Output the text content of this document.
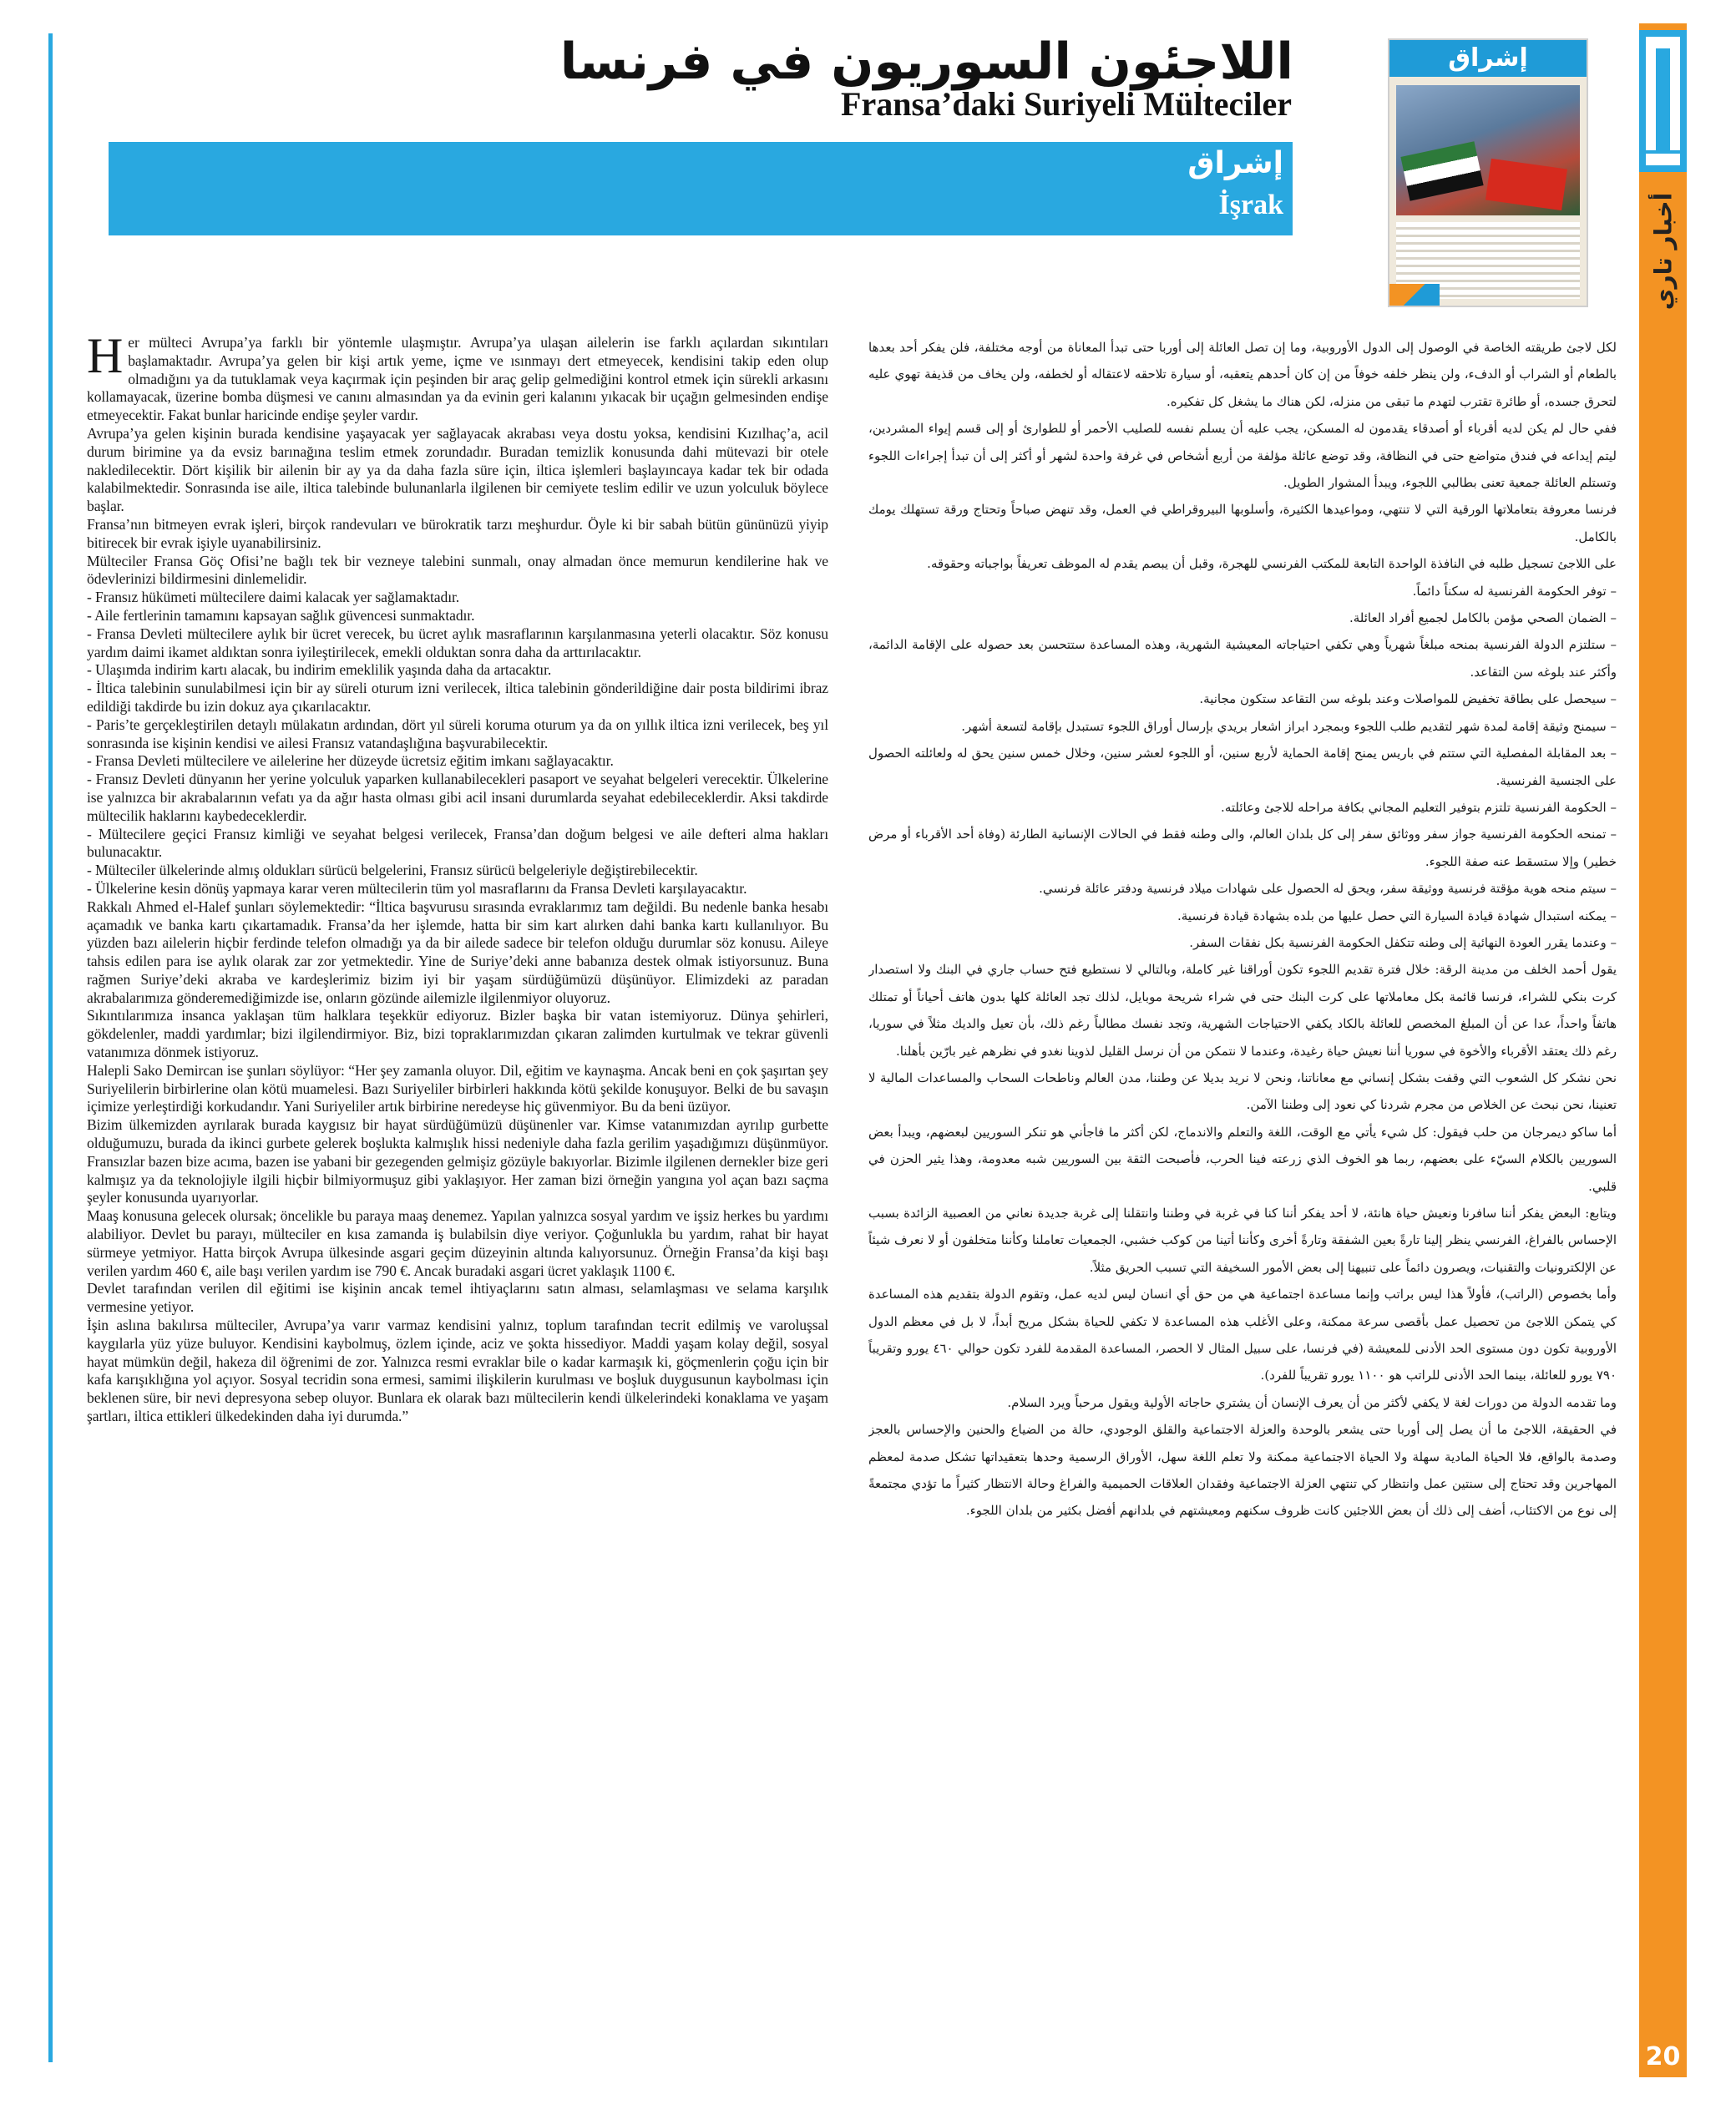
إشراق
اللاجئون السوريون في فرنسا
Fransa’daki Suriyeli Mülteciler
إشراق
İşrak	أخبار تاري
20

Her mülteci Avrupa’ya farklı bir yöntemle ulaşmıştır. Avrupa’ya ulaşan ailelerin ise farklı açılardan sıkıntıları başlamaktadır. Avrupa’ya gelen bir kişi artık yeme, içme ve ısınmayı dert etmeyecek, kendisini takip eden olup olmadığını ya da tutuklamak veya kaçırmak için peşinden bir araç gelip gelmediğini kontrol etmek için sürekli arkasını kollamayacak, üzerine bomba düşmesi ve canını almasından ya da evinin geri kalanını yıkacak bir uçağın gelmesinden endişe etmeyecektir. Fakat bunlar haricinde endişe şeyler vardır.

Avrupa’ya gelen kişinin burada kendisine yaşayacak yer sağlayacak akrabası veya dostu yoksa, kendisini Kızılhaç’a, acil durum birimine ya da evsiz barınağına teslim etmek zorundadır. Buradan temizlik konusunda dahi mütevazi bir otele nakledilecektir. Dört kişilik bir ailenin bir ay ya da daha fazla süre için, iltica işlemleri başlayıncaya kadar tek bir odada kalabilmektedir. Sonrasında ise aile, iltica talebinde bulunanlarla ilgilenen bir cemiyete teslim edilir ve uzun yolculuk böylece başlar.

Fransa’nın bitmeyen evrak işleri, birçok randevuları ve bürokratik tarzı meşhurdur. Öyle ki bir sabah bütün gününüzü yiyip bitirecek bir evrak işiyle uyanabilirsiniz.

Mülteciler Fransa Göç Ofisi’ne bağlı tek bir vezneye talebini sunmalı, onay almadan önce memurun kendilerine hak ve ödevlerinizi bildirmesini dinlemelidir.

- Fransız hükümeti mültecilere daimi kalacak yer sağlamaktadır.

- Aile fertlerinin tamamını kapsayan sağlık güvencesi sunmaktadır.

- Fransa Devleti mültecilere aylık bir ücret verecek, bu ücret aylık masraflarının karşılanmasına yeterli olacaktır. Söz konusu yardım daimi ikamet aldıktan sonra iyileştirilecek, emekli olduktan sonra daha da arttırılacaktır.

- Ulaşımda indirim kartı alacak, bu indirim emeklilik yaşında daha da artacaktır.

- İltica talebinin sunulabilmesi için bir ay süreli oturum izni verilecek, iltica talebinin gönderildiğine dair posta bildirimi ibraz edildiği takdirde bu izin dokuz aya çıkarılacaktır.

- Paris’te gerçekleştirilen detaylı mülakatın ardından, dört yıl süreli koruma oturum ya da on yıllık iltica izni verilecek, beş yıl sonrasında ise kişinin kendisi ve ailesi Fransız vatandaşlığına başvurabilecektir.

- Fransa Devleti mültecilere ve ailelerine her düzeyde ücretsiz eğitim imkanı sağlayacaktır.

- Fransız Devleti dünyanın her yerine yolculuk yaparken kullanabilecekleri pasaport ve seyahat belgeleri verecektir. Ülkelerine ise yalnızca bir akrabalarının vefatı ya da ağır hasta olması gibi acil insani durumlarda seyahat edebileceklerdir. Aksi takdirde mültecilik haklarını kaybedeceklerdir.

- Mültecilere geçici Fransız kimliği ve seyahat belgesi verilecek, Fransa’dan doğum belgesi ve aile defteri alma hakları bulunacaktır.

- Mülteciler ülkelerinde almış oldukları sürücü belgelerini, Fransız sürücü belgeleriyle değiştirebilecektir.

- Ülkelerine kesin dönüş yapmaya karar veren mültecilerin tüm yol masraflarını da Fransa Devleti karşılayacaktır.

Rakkalı Ahmed el-Halef şunları söylemektedir: “İltica başvurusu sırasında evraklarımız tam değildi. Bu nedenle banka hesabı açamadık ve banka kartı çıkartamadık. Fransa’da her işlemde, hatta bir sim kart alırken dahi banka kartı kullanılıyor. Bu yüzden bazı ailelerin hiçbir ferdinde telefon olmadığı ya da bir ailede sadece bir telefon olduğu durumlar söz konusu. Aileye tahsis edilen para ise aylık olarak zar zor yetmektedir. Yine de Suriye’deki anne babanıza destek olmak istiyorsunuz. Buna rağmen Suriye’deki akraba ve kardeşlerimiz bizim iyi bir yaşam sürdüğümüzü düşünüyor. Elimizdeki az paradan akrabalarımıza gönderemediğimizde ise, onların gözünde ailemizle ilgilenmiyor oluyoruz.

Sıkıntılarımıza insanca yaklaşan tüm halklara teşekkür ediyoruz. Bizler başka bir vatan istemiyoruz. Dünya şehirleri, gökdelenler, maddi yardımlar; bizi ilgilendirmiyor. Biz, bizi topraklarımızdan çıkaran zalimden kurtulmak ve tekrar güvenli vatanımıza dönmek istiyoruz.

Halepli Sako Demircan ise şunları söylüyor: “Her şey zamanla oluyor. Dil, eğitim ve kaynaşma. Ancak beni en çok şaşırtan şey Suriyelilerin birbirlerine olan kötü muamelesi. Bazı Suriyeliler birbirleri hakkında kötü şekilde konuşuyor. Belki de bu savaşın içimize yerleştirdiği korkudandır. Yani Suriyeliler artık birbirine neredeyse hiç güvenmiyor. Bu da beni üzüyor.

Bizim ülkemizden ayrılarak burada kaygısız bir hayat sürdüğümüzü düşünenler var. Kimse vatanımızdan ayrılıp gurbette olduğumuzu, burada da ikinci gurbete gelerek boşlukta kalmışlık hissi nedeniyle daha fazla gerilim yaşadığımızı düşünmüyor. Fransızlar bazen bize acıma, bazen ise yabani bir gezegenden gelmişiz gözüyle bakıyorlar. Bizimle ilgilenen dernekler bize geri kalmışız ya da teknolojiyle ilgili hiçbir bilmiyormuşuz gibi yaklaşıyor. Her zaman bizi örneğin yangına yol açan bazı saçma şeyler konusunda uyarıyorlar.

Maaş konusuna gelecek olursak; öncelikle bu paraya maaş denemez. Yapılan yalnızca sosyal yardım ve işsiz herkes bu yardımı alabiliyor. Devlet bu parayı, mülteciler en kısa zamanda iş bulabilsin diye veriyor. Çoğunlukla bu yardım, rahat bir hayat sürmeye yetmiyor. Hatta birçok Avrupa ülkesinde asgari geçim düzeyinin altında kalıyorsunuz. Örneğin Fransa’da kişi başı verilen yardım 460 €, aile başı verilen yardım ise 790 €. Ancak buradaki asgari ücret yaklaşık 1100 €.

Devlet tarafından verilen dil eğitimi ise kişinin ancak temel ihtiyaçlarını satın alması, selamlaşması ve selama karşılık vermesine yetiyor.

İşin aslına bakılırsa mülteciler, Avrupa’ya varır varmaz kendisini yalnız, toplum tarafından tecrit edilmiş ve varoluşsal kaygılarla yüz yüze buluyor. Kendisini kaybolmuş, özlem içinde, aciz ve şokta hissediyor. Maddi yaşam kolay değil, sosyal hayat mümkün değil, hakeza dil öğrenimi de zor. Yalnızca resmi evraklar bile o kadar karmaşık ki, göçmenlerin çoğu için bir kafa karışıklığına yol açıyor. Sosyal tecridin sona ermesi, samimi ilişkilerin kurulması ve boşluk duygusunun kaybolması için beklenen süre, bir nevi depresyona sebep oluyor. Bunlara ek olarak bazı mültecilerin kendi ülkelerindeki konaklama ve yaşam şartları, iltica ettikleri ülkedekinden daha iyi durumda.”

لكل لاجئ طريقته الخاصة في الوصول إلى الدول الأوروبية، وما إن تصل العائلة إلى أوربا حتى تبدأ المعاناة من أوجه مختلفة، فلن يفكر أحد بعدها بالطعام أو الشراب أو الدفء، ولن ينظر خلفه خوفاً من إن كان أحدهم يتعقبه، أو سيارة تلاحقه لاعتقاله أو لخطفه، ولن يخاف من قذيفة تهوي عليه لتحرق جسده، أو طائرة تقترب لتهدم ما تبقى من منزله، لكن هناك ما يشغل كل تفكيره.

ففي حال لم يكن لديه أقرباء أو أصدقاء يقدمون له المسكن، يجب عليه أن يسلم نفسه للصليب الأحمر أو للطوارئ أو إلى قسم إيواء المشردين، ليتم إيداعه في فندق متواضع حتى في النظافة، وقد توضع عائلة مؤلفة من أربع أشخاص في غرفة واحدة لشهر أو أكثر إلى أن تبدأ إجراءات اللجوء وتستلم العائلة جمعية تعنى بطالبي اللجوء، ويبدأ المشوار الطويل.

فرنسا معروفة بتعاملاتها الورقية التي لا تنتهي، ومواعيدها الكثيرة، وأسلوبها البيروقراطي في العمل، وقد تنهض صباحاً وتحتاج ورقة تستهلك يومك بالكامل.

على اللاجئ تسجيل طلبه في النافذة الواحدة التابعة للمكتب الفرنسي للهجرة، وقبل أن يبصم يقدم له الموظف تعريفاً بواجباته وحقوقه.

– توفر الحكومة الفرنسية له سكناً دائماً.

– الضمان الصحي مؤمن بالكامل لجميع أفراد العائلة.

– ستلتزم الدولة الفرنسية بمنحه مبلغاً شهرياً وهي تكفي احتياجاته المعيشية الشهرية، وهذه المساعدة ستتحسن بعد حصوله على الإقامة الدائمة، وأكثر عند بلوغه سن التقاعد.

– سيحصل على بطاقة تخفيض للمواصلات وعند بلوغه سن التقاعد ستكون مجانية.

– سيمنح وثيقة إقامة لمدة شهر لتقديم طلب اللجوء وبمجرد ابراز اشعار بريدي بإرسال أوراق اللجوء تستبدل بإقامة لتسعة أشهر.

– بعد المقابلة المفصلية التي ستتم في باريس يمنح إقامة الحماية لأربع سنين، أو اللجوء لعشر سنين، وخلال خمس سنين يحق له ولعائلته الحصول على الجنسية الفرنسية.

– الحكومة الفرنسية تلتزم بتوفير التعليم المجاني بكافة مراحله للاجئ وعائلته.

– تمنحه الحكومة الفرنسية جواز سفر ووثائق سفر إلى كل بلدان العالم، والى وطنه فقط في الحالات الإنسانية الطارئة (وفاة أحد الأقرباء أو مرض خطير) وإلا ستسقط عنه صفة اللجوء.

– سيتم منحه هوية مؤقتة فرنسية ووثيقة سفر، ويحق له الحصول على شهادات ميلاد فرنسية ودفتر عائلة فرنسي.

– يمكنه استبدال شهادة قيادة السيارة التي حصل عليها من بلده بشهادة قيادة فرنسية.

– وعندما يقرر العودة النهائية إلى وطنه تتكفل الحكومة الفرنسية بكل نفقات السفر.

يقول أحمد الخلف من مدينة الرقة: خلال فترة تقديم اللجوء تكون أوراقنا غير كاملة، وبالتالي لا نستطيع فتح حساب جاري في البنك ولا استصدار كرت بنكي للشراء، فرنسا قائمة بكل معاملاتها على كرت البنك حتى في شراء شريحة موبايل، لذلك تجد العائلة كلها بدون هاتف أحياناً أو تمتلك هاتفاً واحداً، عدا عن أن المبلغ المخصص للعائلة بالكاد يكفي الاحتياجات الشهرية، وتجد نفسك مطالباً رغم ذلك، بأن تعيل والديك مثلاً في سوريا، رغم ذلك يعتقد الأقرباء والأخوة في سوريا أننا نعيش حياة رغيدة، وعندما لا نتمكن من أن نرسل القليل لذوينا نغدو في نظرهم غير بارّين بأهلنا.

نحن نشكر كل الشعوب التي وقفت بشكل إنساني مع معاناتنا، ونحن لا نريد بديلا عن وطننا، مدن العالم وناطحات السحاب والمساعدات المالية لا تعنينا، نحن نبحث عن الخلاص من مجرم شردنا كي نعود إلى وطننا الآمن.

أما ساكو ديمرجان من حلب فيقول: كل شيء يأتي مع الوقت، اللغة والتعلم والاندماج، لكن أكثر ما فاجأني هو تنكر السوريين لبعضهم، ويبدأ بعض السوريين بالكلام السيّء على بعضهم، ربما هو الخوف الذي زرعته فينا الحرب، فأصبحت الثقة بين السوريين شبه معدومة، وهذا يثير الحزن في قلبي.

ويتابع: البعض يفكر أننا سافرنا ونعيش حياة هانئة، لا أحد يفكر أننا كنا في غربة في وطننا وانتقلنا إلى غربة جديدة نعاني من العصبية الزائدة بسبب الإحساس بالفراغ، الفرنسي ينظر إلينا تارةً بعين الشفقة وتارةً أخرى وكأننا أتينا من كوكب خشبي، الجمعيات تعاملنا وكأننا متخلفون أو لا نعرف شيئاً عن الإلكترونيات والتقنيات، ويصرون دائماً على تنبيهنا إلى بعض الأمور السخيفة التي تسبب الحريق مثلاً.

وأما بخصوص (الراتب)، فأولاً هذا ليس براتب وإنما مساعدة اجتماعية هي من حق أي انسان ليس لديه عمل، وتقوم الدولة بتقديم هذه المساعدة كي يتمكن اللاجئ من تحصيل عمل بأقصى سرعة ممكنة، وعلى الأغلب هذه المساعدة لا تكفي للحياة بشكل مريح أبداً، لا بل في معظم الدول الأوروبية تكون دون مستوى الحد الأدنى للمعيشة (في فرنسا، على سبيل المثال لا الحصر، المساعدة المقدمة للفرد تكون حوالي ٤٦٠ يورو وتقريباً ٧٩٠ يورو للعائلة، بينما الحد الأدنى للراتب هو ١١٠٠ يورو تقريباً للفرد).

وما تقدمه الدولة من دورات لغة لا يكفي لأكثر من أن يعرف الإنسان أن يشتري حاجاته الأولية ويقول مرحباً ويرد السلام.

في الحقيقة، اللاجئ ما أن يصل إلى أوربا حتى يشعر بالوحدة والعزلة الاجتماعية والقلق الوجودي، حالة من الضياع والحنين والإحساس بالعجز وصدمة بالواقع، فلا الحياة المادية سهلة ولا الحياة الاجتماعية ممكنة ولا تعلم اللغة سهل، الأوراق الرسمية وحدها بتعقيداتها تشكل صدمة لمعظم المهاجرين وقد تحتاج إلى سنتين عمل وانتظار كي تنتهي العزلة الاجتماعية وفقدان العلاقات الحميمية والفراغ وحالة الانتظار كثيراً ما تؤدي مجتمعةً إلى نوع من الاكتئاب، أضف إلى ذلك أن بعض اللاجئين كانت ظروف سكنهم ومعيشتهم في بلدانهم أفضل بكثير من بلدان اللجوء.
